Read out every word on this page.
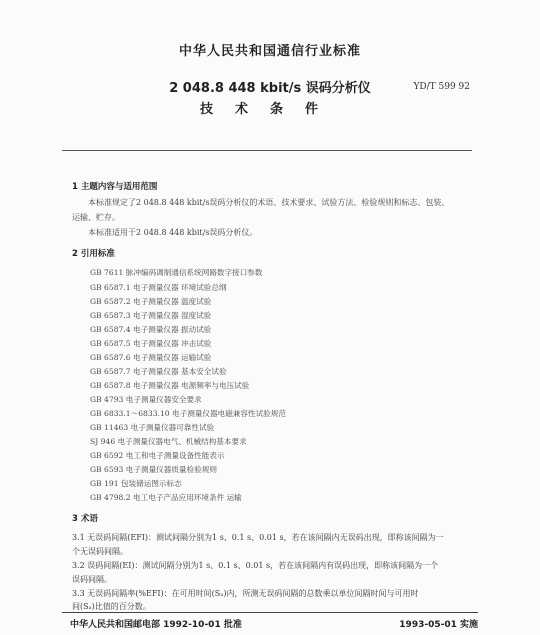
中华人民共和国通信行业标准
2 048.8 448 kbit/s 误码分析仪
技术条件
YD/T 599 92
1 主题内容与适用范围
本标准规定了2 048.8 448 kbit/s误码分析仪的术语、技术要求、试验方法、检验规则和标志、包装、
运输、贮存。
本标准适用于2 048.8 448 kbit/s误码分析仪。
2 引用标准
GB 7611 脉冲编码调制通信系统网路数字接口参数
GB 6587.1 电子测量仪器 环境试验总纲
GB 6587.2 电子测量仪器 温度试验
GB 6587.3 电子测量仪器 湿度试验
GB 6587.4 电子测量仪器 振动试验
GB 6587.5 电子测量仪器 冲击试验
GB 6587.6 电子测量仪器 运输试验
GB 6587.7 电子测量仪器 基本安全试验
GB 6587.8 电子测量仪器 电源频率与电压试验
GB 4793 电子测量仪器安全要求
GB 6833.1～6833.10 电子测量仪器电磁兼容性试验规范
GB 11463 电子测量仪器可靠性试验
SJ 946 电子测量仪器电气、机械结构基本要求
GB 6592 电工和电子测量设备性能表示
GB 6593 电子测量仪器质量检验规则
GB 191 包装储运图示标志
GB 4798.2 电工电子产品应用环境条件 运输
3 术语
3.1 无误码间隔(EFI)：测试间隔分别为1 s、0.1 s、0.01 s，若在该间隔内无误码出现，即称该间隔为一
个无误码间隔。
3.2 误码间隔(EI)：测试间隔分别为1 s、0.1 s、0.01 s，若在该间隔内有误码出现，即称该间隔为一个
误码间隔。
3.3 无误码间隔率(%EFI)：在可用时间(Sₐ)内，所测无误码间隔的总数乘以单位间隔时间与可用时
间(Sₐ)比值的百分数。
中华人民共和国邮电部 1992-10-01 批准	1993-05-01 实施
